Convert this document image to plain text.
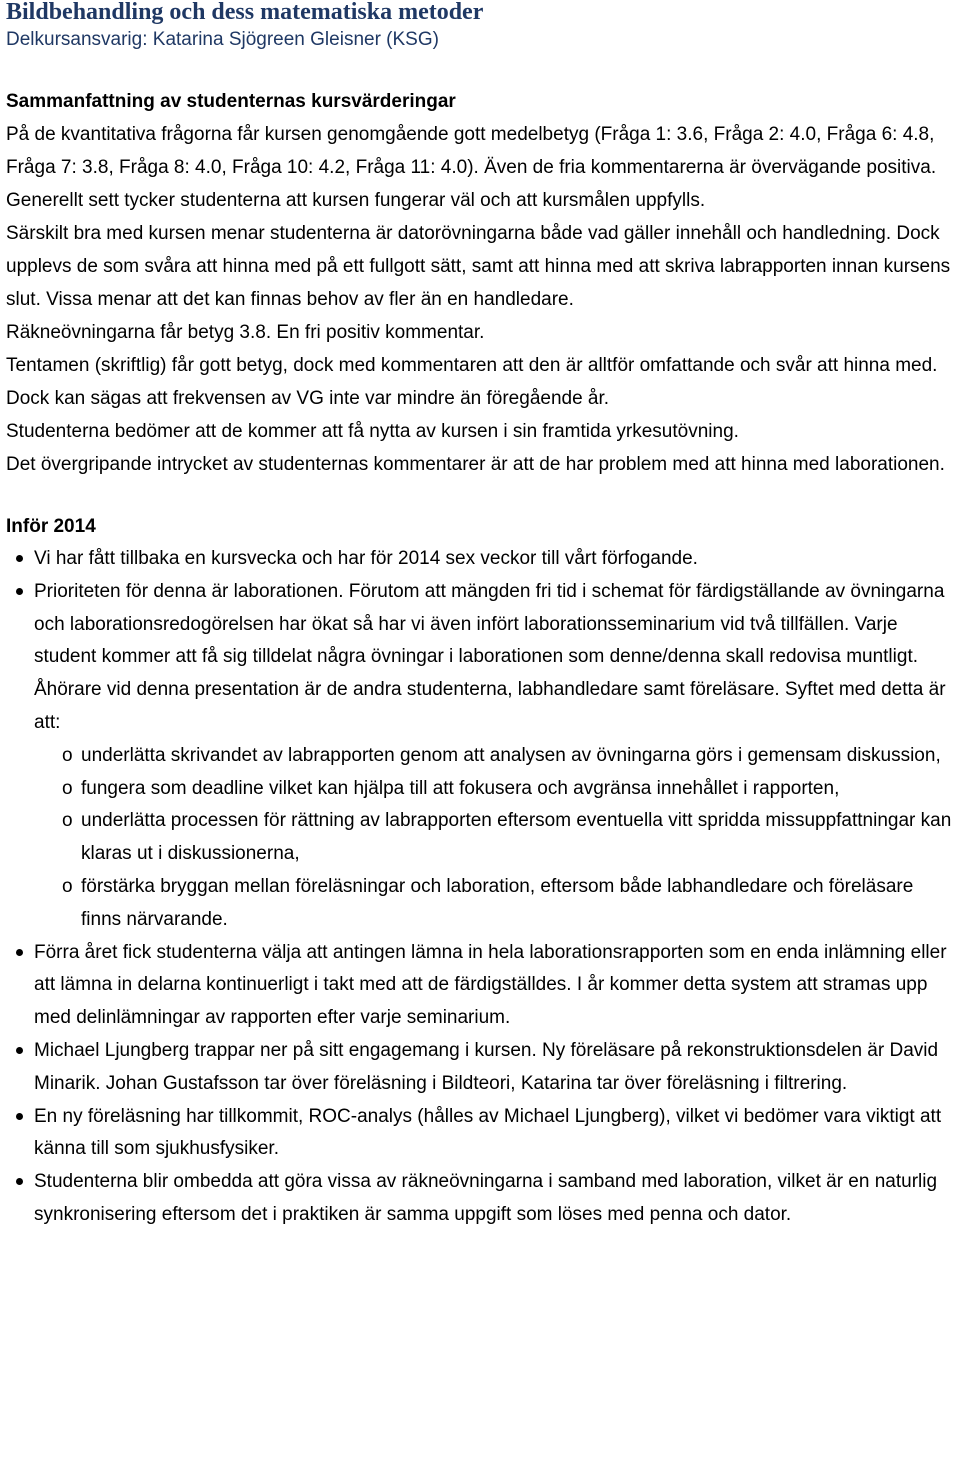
Bildbehandling och dess matematiska metoder

Delkursansvarig: Katarina Sjögreen Gleisner (KSG)

Sammanfattning av studenternas kursvärderingar

På de kvantitativa frågorna får kursen genomgående gott medelbetyg (Fråga 1: 3.6, Fråga 2: 4.0, Fråga 6: 4.8, Fråga 7: 3.8, Fråga 8: 4.0, Fråga 10: 4.2, Fråga 11: 4.0). Även de fria kommentarerna är övervägande positiva.

Generellt sett tycker studenterna att kursen fungerar väl och att kursmålen uppfylls.

Särskilt bra med kursen menar studenterna är datorövningarna både vad gäller innehåll och handledning. Dock upplevs de som svåra att hinna med på ett fullgott sätt, samt att hinna med att skriva labrapporten innan kursens slut. Vissa menar att det kan finnas behov av fler än en handledare.

Räkneövningarna får betyg 3.8. En fri positiv kommentar.

Tentamen (skriftlig) får gott betyg, dock med kommentaren att den är alltför omfattande och svår att hinna med. Dock kan sägas att frekvensen av VG inte var mindre än föregående år.

Studenterna bedömer att de kommer att få nytta av kursen i sin framtida yrkesutövning.

Det övergripande intrycket av studenternas kommentarer är att de har problem med att hinna med laborationen.

Inför 2014

Vi har fått tillbaka en kursvecka och har för 2014 sex veckor till vårt förfogande.
Prioriteten för denna är laborationen. Förutom att mängden fri tid i schemat för färdigställande av övningarna och laborationsredogörelsen har ökat så har vi även infört laborationsseminarium vid två tillfällen. Varje student kommer att få sig tilldelat några övningar i laborationen som denne/denna skall redovisa muntligt. Åhörare vid denna presentation är de andra studenterna, labhandledare samt föreläsare. Syftet med detta är att:
o underlätta skrivandet av labrapporten genom att analysen av övningarna görs i gemensam diskussion,
o fungera som deadline vilket kan hjälpa till att fokusera och avgränsa innehållet i rapporten,
o underlätta processen för rättning av labrapporten eftersom eventuella vitt spridda missuppfattningar kan klaras ut i diskussionerna,
o förstärka bryggan mellan föreläsningar och laboration, eftersom både labhandledare och föreläsare finns närvarande.
Förra året fick studenterna välja att antingen lämna in hela laborationsrapporten som en enda inlämning eller att lämna in delarna kontinuerligt i takt med att de färdigställdes. I år kommer detta system att stramas upp med delinlämningar av rapporten efter varje seminarium.
Michael Ljungberg trappar ner på sitt engagemang i kursen. Ny föreläsare på rekonstruktionsdelen är David Minarik. Johan Gustafsson tar över föreläsning i Bildteori, Katarina tar över föreläsning i filtrering.
En ny föreläsning har tillkommit, ROC-analys (hålles av Michael Ljungberg), vilket vi bedömer vara viktigt att känna till som sjukhusfysiker.
Studenterna blir ombedda att göra vissa av räkneövningarna i samband med laboration, vilket är en naturlig synkronisering eftersom det i praktiken är samma uppgift som löses med penna och dator.
